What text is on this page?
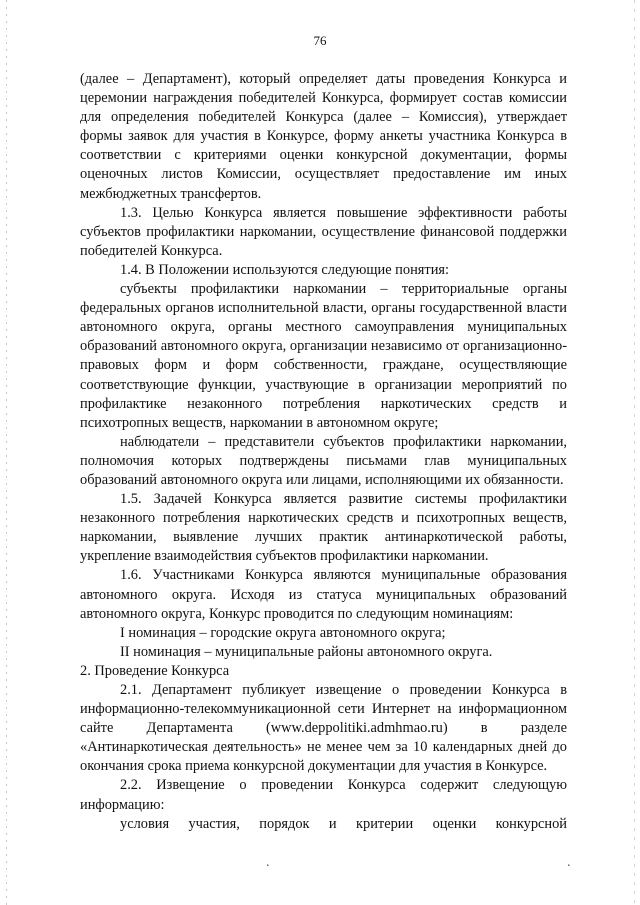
76

(далее – Департамент), который определяет даты проведения Конкурса и церемонии награждения победителей Конкурса, формирует состав комиссии для определения победителей Конкурса (далее – Комиссия), утверждает формы заявок для участия в Конкурсе, форму анкеты участника Конкурса в соответствии с критериями оценки конкурсной документации, формы оценочных листов Комиссии, осуществляет предоставление им иных межбюджетных трансфертов.

1.3. Целью Конкурса является повышение эффективности работы субъектов профилактики наркомании, осуществление финансовой поддержки победителей Конкурса.

1.4. В Положении используются следующие понятия:

субъекты профилактики наркомании – территориальные органы федеральных органов исполнительной власти, органы государственной власти автономного округа, органы местного самоуправления муниципальных образований автономного округа, организации независимо от организационно-правовых форм и форм собственности, граждане, осуществляющие соответствующие функции, участвующие в организации мероприятий по профилактике незаконного потребления наркотических средств и психотропных веществ, наркомании в автономном округе;

наблюдатели – представители субъектов профилактики наркомании, полномочия которых подтверждены письмами глав муниципальных образований автономного округа или лицами, исполняющими их обязанности.

1.5. Задачей Конкурса является развитие системы профилактики незаконного потребления наркотических средств и психотропных веществ, наркомании, выявление лучших практик антинаркотической работы, укрепление взаимодействия субъектов профилактики наркомании.

1.6. Участниками Конкурса являются муниципальные образования автономного округа. Исходя из статуса муниципальных образований автономного округа, Конкурс проводится по следующим номинациям:

I номинация – городские округа автономного округа;

II номинация – муниципальные районы автономного округа.

2. Проведение Конкурса

2.1. Департамент публикует извещение о проведении Конкурса в информационно-телекоммуникационной сети Интернет на информационном сайте Департамента (www.deppolitiki.admhmao.ru) в разделе «Антинаркотическая деятельность» не менее чем за 10 календарных дней до окончания срока приема конкурсной документации для участия в Конкурсе.

2.2. Извещение о проведении Конкурса содержит следующую информацию:

условия участия, порядок и критерии оценки конкурсной

.	.
